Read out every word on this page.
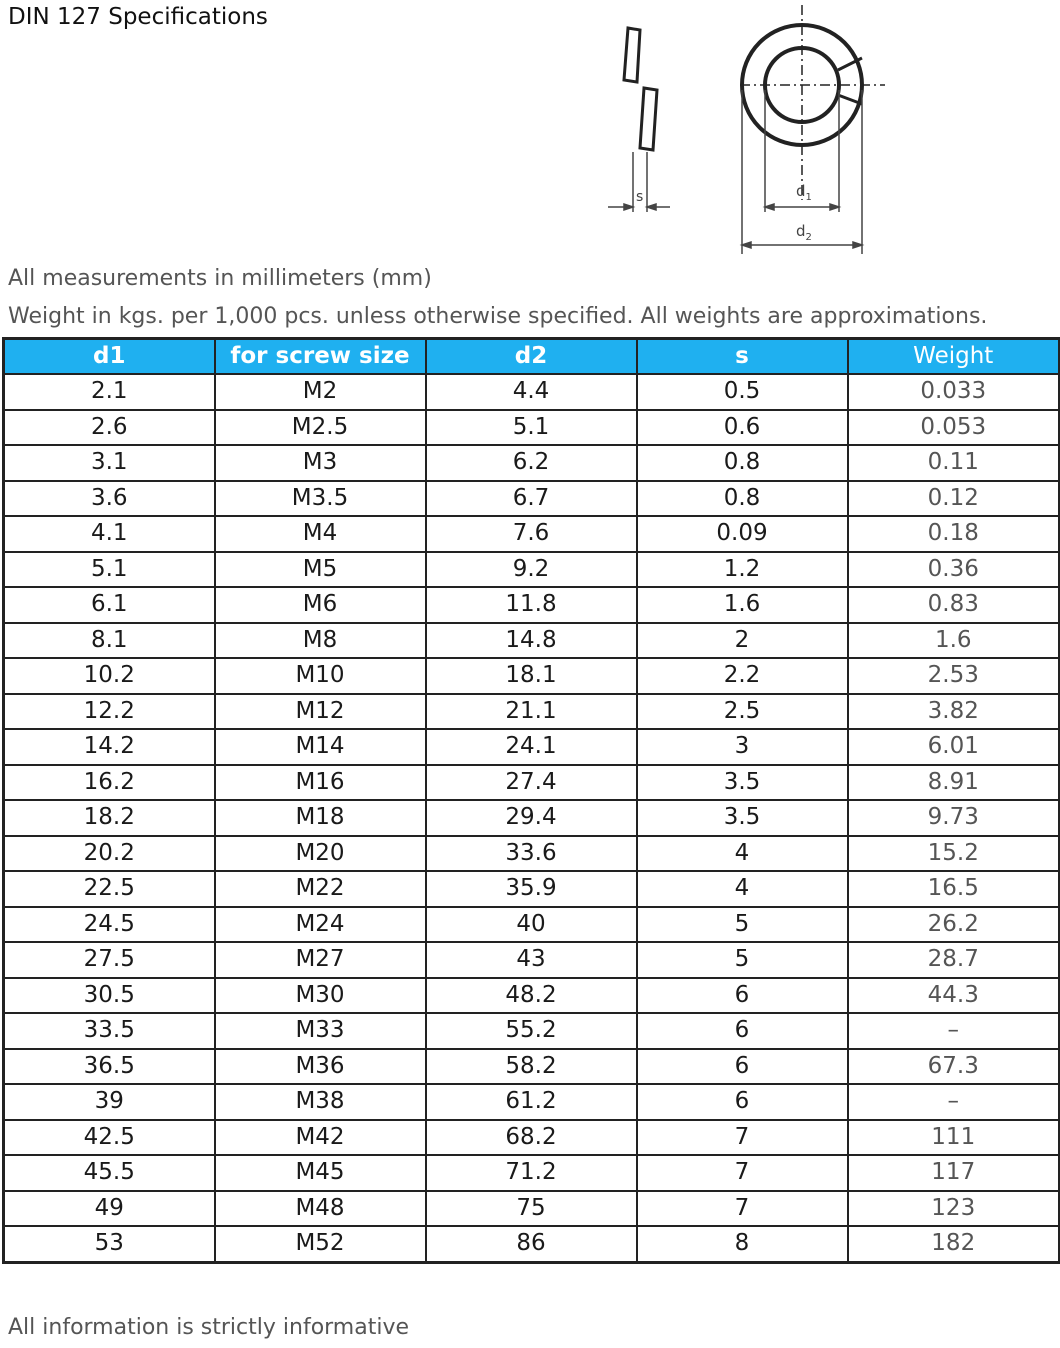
DIN 127 Specifications
s	$d_1$
$d_2$
All measurements in millimeters (mm)
Weight in kgs. per 1,000 pcs. unless otherwise specified. All weights are approximations.
d1	for screw size	d2	s	Weight
2.1	M2	4.4	0.5	0.033
2.6	M2.5	5.1	0.6	0.053
3.1	M3	6.2	0.8	0.11
3.6	M3.5	6.7	0.8	0.12
4.1	M4	7.6	0.09	0.18
5.1	M5	9.2	1.2	0.36
6.1	M6	11.8	1.6	0.83
8.1	M8	14.8	2	1.6
10.2	M10	18.1	2.2	2.53
12.2	M12	21.1	2.5	3.82
14.2	M14	24.1	3	6.01
16.2	M16	27.4	3.5	8.91
18.2	M18	29.4	3.5	9.73
20.2	M20	33.6	4	15.2
22.5	M22	35.9	4	16.5
24.5	M24	40	5	26.2
27.5	M27	43	5	28.7
30.5	M30	48.2	6	44.3
33.5	M33	55.2	6	–
36.5	M36	58.2	6	67.3
39	M38	61.2	6	–
42.5	M42	68.2	7	111
45.5	M45	71.2	7	117
49	M48	75	7	123
53	M52	86	8	182
All information is strictly informative
